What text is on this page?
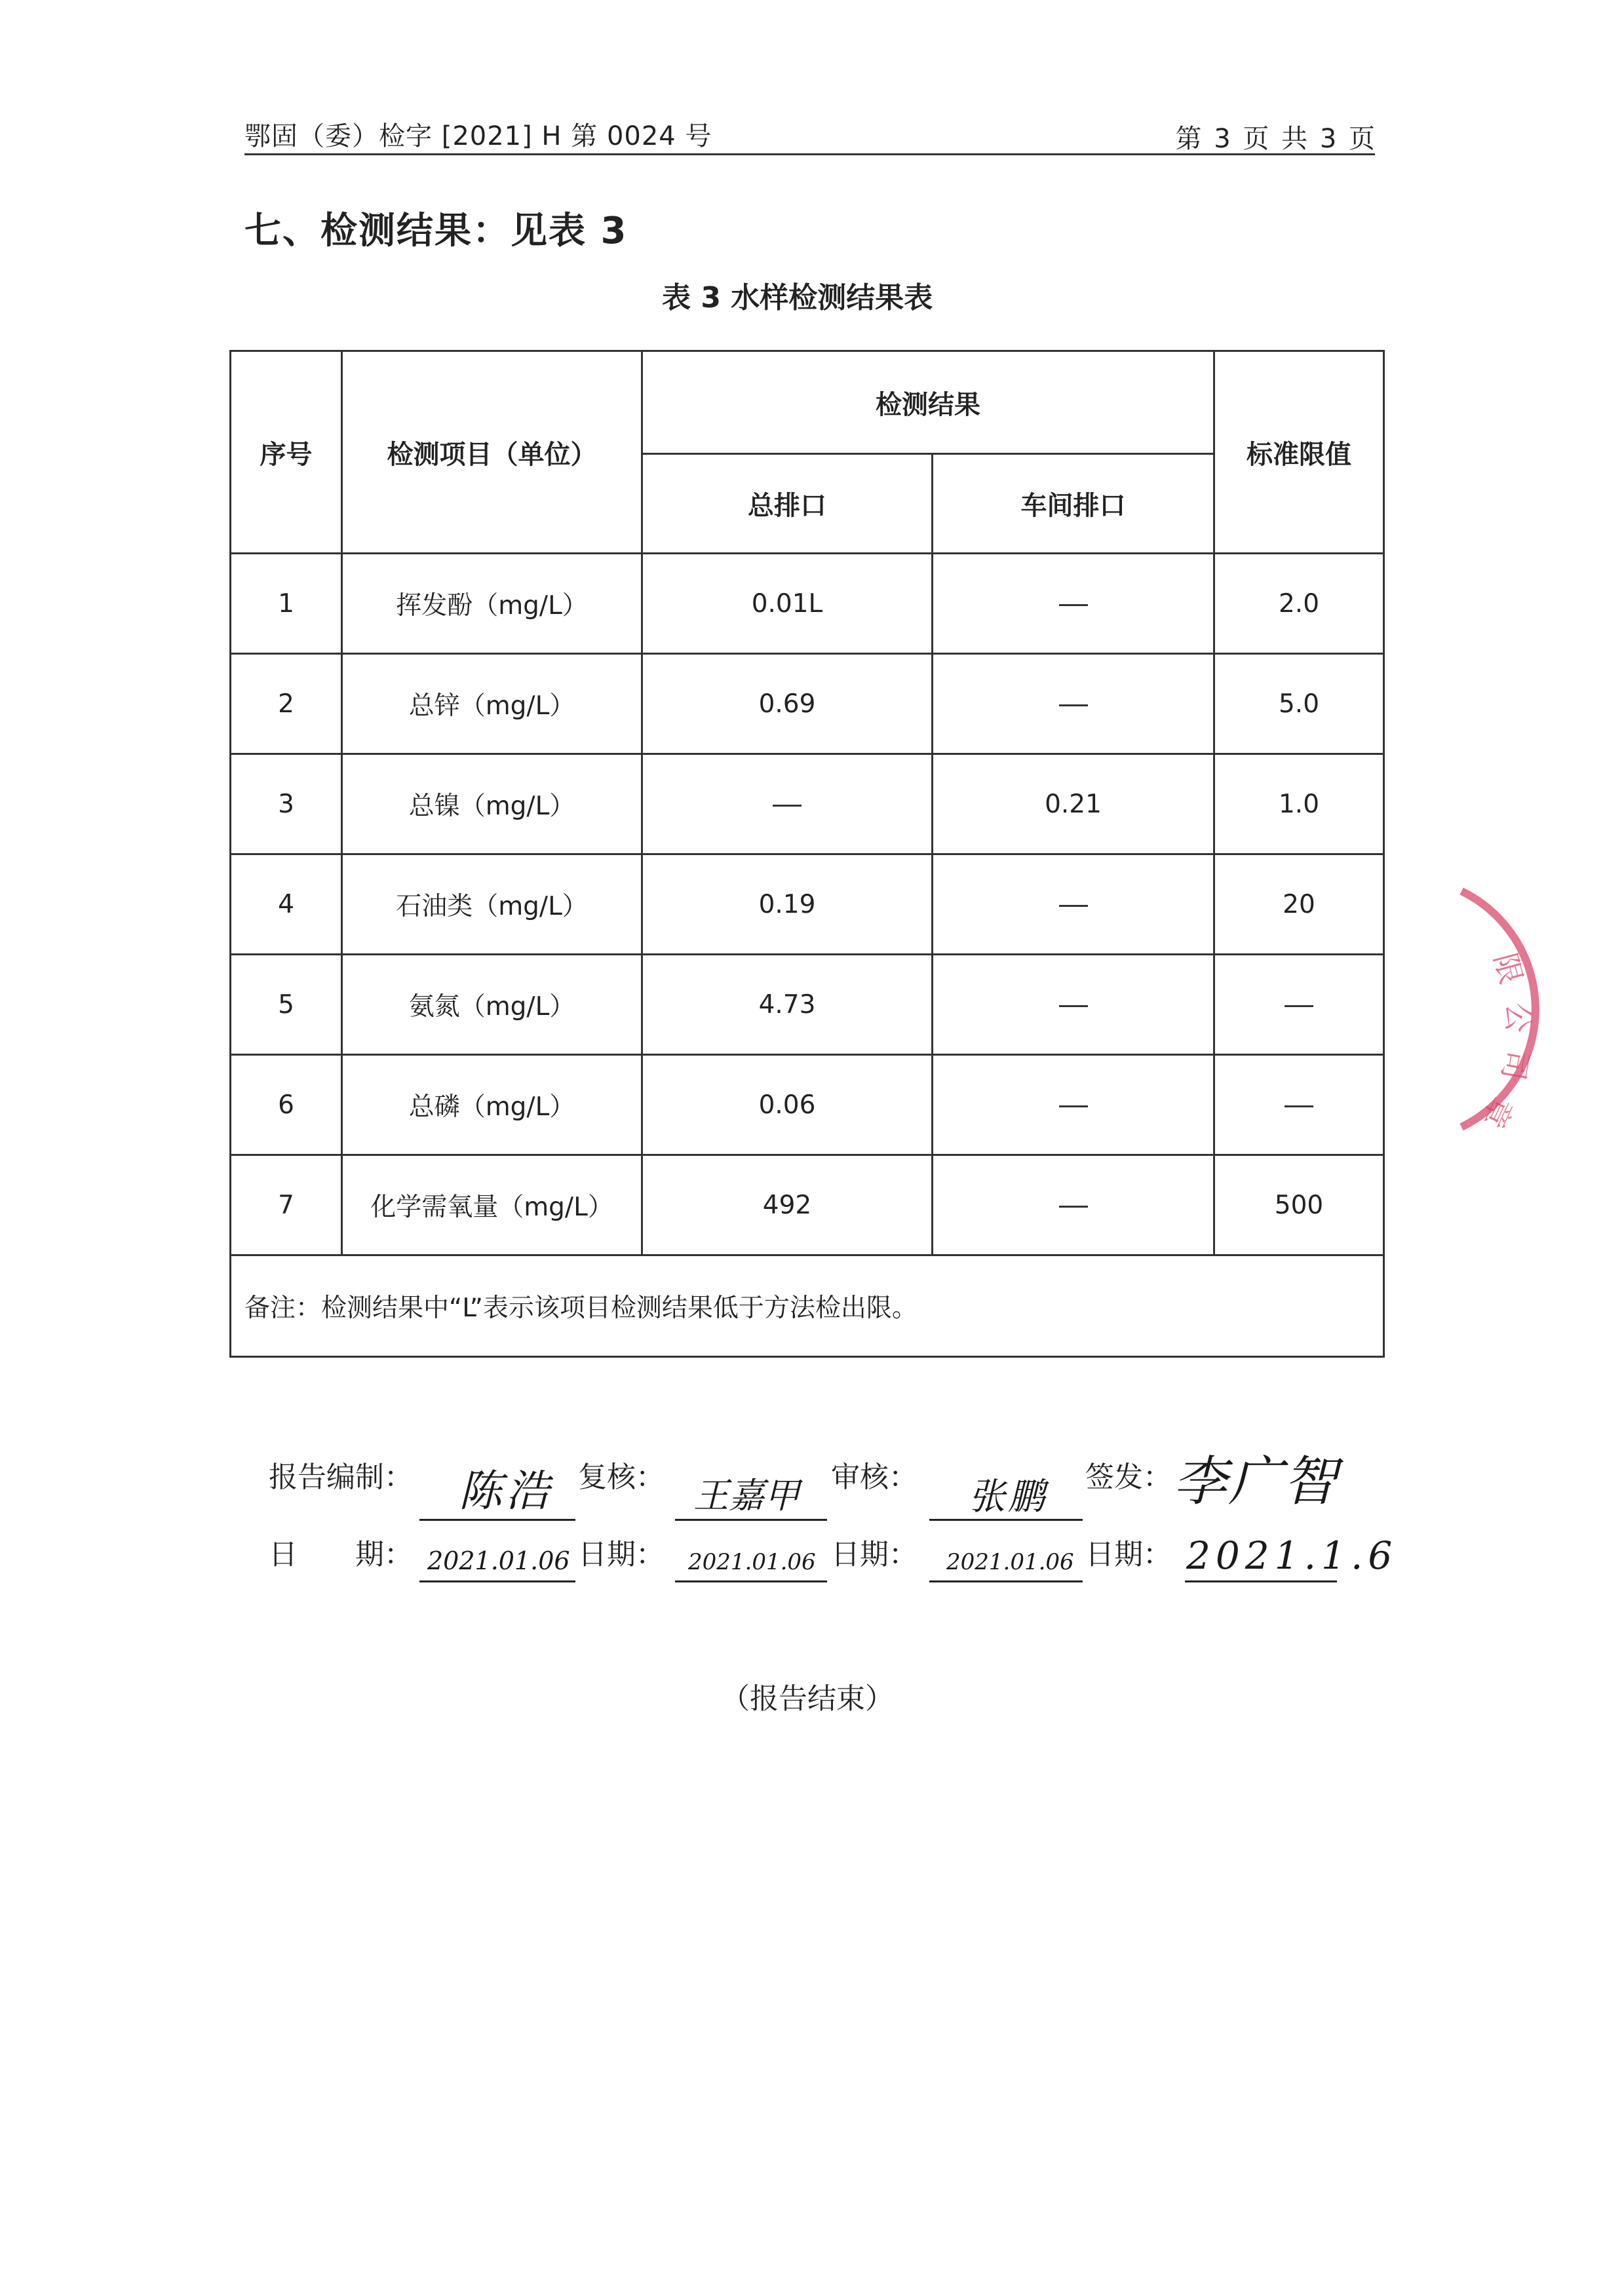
鄂固（委）检字 [2021] H 第 0024 号	第 3 页 共 3 页
七、检测结果：见表 3
表 3 水样检测结果表
序号	检测项目（单位）	检测结果		标准限值
		总排口	车间排口	
1	挥发酚（mg/L）	0.01L		2.0
2	总锌（mg/L）	0.69		5.0
3	总镍（mg/L）		0.21	1.0
4	石油类（mg/L）	0.19		20
5	氨氮（mg/L）	4.73		
6	总磷（mg/L）	0.06		
7	化学需氧量（mg/L）	492		500
备注：检测结果中“L”表示该项目检测结果低于方法检出限。				
报告编制：	复核：	审核：	签发：
陈浩	王嘉甲	张鹏 李广智
日　　期：	日期：	日期：	日期：
2021.01.06	2021.01.06	2021.01.06	2021.1.6
（报告结束）
限
公
司
章
